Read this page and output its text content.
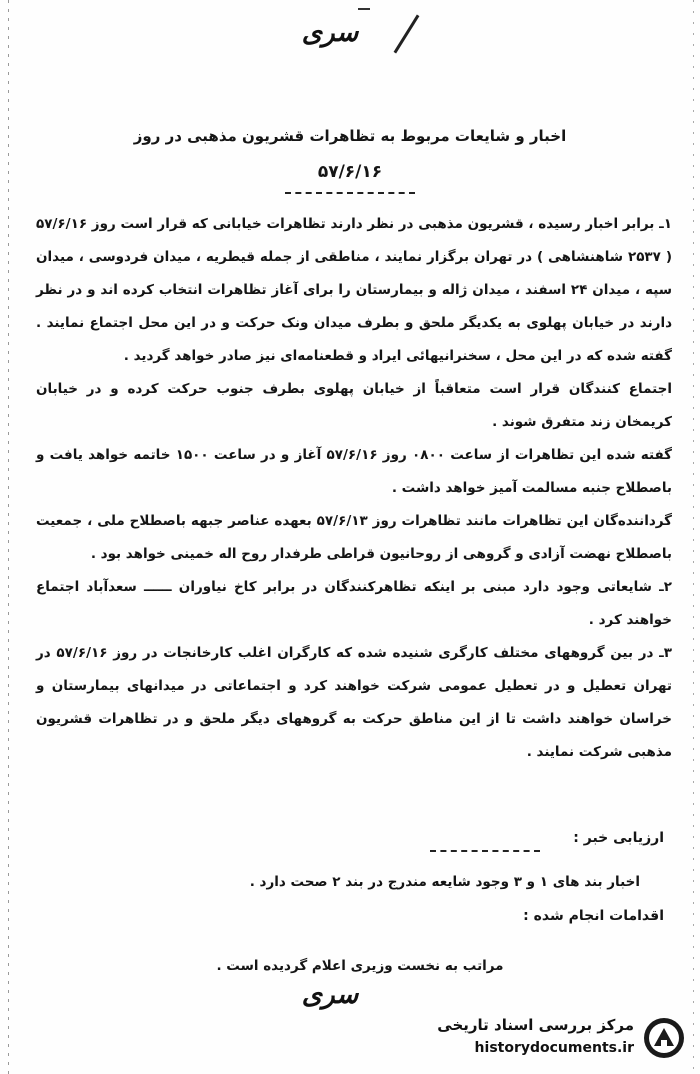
سری
اخبار و شایعات مربوط به تظاهرات قشریون مذهبی در روز
۵۷/۶/۱۶

۱ـ برابر اخبار رسیده ، قشریون مذهبی در نظر دارند تظاهرات خیابانی که قرار است روز ۵۷/۶/۱۶ ( ۲۵۳۷ شاهنشاهی ) در تهران برگزار نمایند ، مناطقی از جمله قیطریه ، میدان فردوسی ، میدان سپه ، میدان ۲۴ اسفند ، میدان ژاله و بیمارستان را برای آغاز تظاهرات انتخاب کرده اند و در نظر دارند در خیابان پهلوی به یکدیگر ملحق و بطرف میدان ونک حرکت و در این محل اجتماع نمایند . گفته شده که در این محل ، سخنرانیهائی ایراد و قطعنامه‌ای نیز صادر خواهد گردید .

اجتماع کنندگان قرار است متعاقباً از خیابان پهلوی بطرف جنوب حرکت کرده و در خیابان کریمخان زند متفرق شوند .

گفته شده این تظاهرات از ساعت ۰۸۰۰ روز ۵۷/۶/۱۶ آغاز و در ساعت ۱۵۰۰ خاتمه خواهد یافت و باصطلاح جنبه مسالمت آمیز خواهد داشت .

گرداننده‌گان این تظاهرات مانند تظاهرات روز ۵۷/۶/۱۳ بعهده عناصر جبهه باصطلاح ملی ، جمعیت باصطلاح نهضت آزادی و گروهی از روحانیون قراطی طرفدار روح اله خمینی خواهد بود .

۲ـ شایعاتی وجود دارد مبنی بر اینکه تظاهرکنندگان در برابر کاخ نیاوران ــــــ سعدآباد اجتماع خواهند کرد .

۳ـ در بین گروههای مختلف کارگری شنیده شده که کارگران اغلب کارخانجات در روز ۵۷/۶/۱۶ در تهران تعطیل و در تعطیل عمومی شرکت خواهند کرد و اجتماعاتی در میدانهای بیمارستان و خراسان خواهند داشت تا از این مناطق حرکت به گروههای دیگر ملحق و در تظاهرات قشریون مذهبی شرکت نمایند .

ارزیابی خبر :
اخبار بند های ۱ و ۳ وجود شایعه مندرج در بند ۲ صحت دارد .
اقدامات انجام شده :
مراتب به نخست وزیری اعلام گردیده است .
سری
مرکز بررسی اسناد تاریخی
historydocuments.ir
